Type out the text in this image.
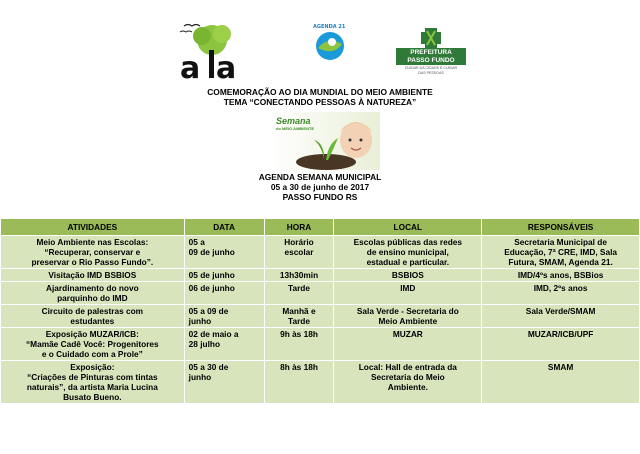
a a
AGENDA 21
PREFEITURA
PASSO FUNDO
CUIDAR DA CIDADE É CUIDAR DAS PESSOAS
COMEMORAÇÃO AO DIA MUNDIAL DO MEIO AMBIENTE
TEMA “CONECTANDO PESSOAS À NATUREZA”
Semana
do MEIO AMBIENTE
AGENDA SEMANA MUNICIPAL
05 a 30 de junho de 2017
PASSO FUNDO RS
ATIVIDADES	DATA	HORA	LOCAL	RESPONSÁVEIS

Meio Ambiente nas Escolas:
“Recuperar, conservar e
preservar o Rio Passo Fundo”.	05 a
09 de junho	Horário
escolar	Escolas públicas das redes
de ensino municipal,
estadual e particular.	Secretaria Municipal de
Educação, 7ª CRE, IMD, Sala
Futura, SMAM, Agenda 21.

Visitação IMD BSBIOS	05 de junho	13h30min	BSBIOS	IMD/4ºs anos, BSBios

Ajardinamento do novo
parquinho do IMD	06 de junho	Tarde	IMD	IMD, 2ºs anos

Circuito de palestras com
estudantes	05 a 09 de
junho	Manhã e
Tarde	Sala Verde - Secretaria do
Meio Ambiente	Sala Verde/SMAM

Exposição MUZAR/ICB:
“Mamãe Cadê Você: Progenitores
e o Cuidado com a Prole”	02 de maio a
28 julho	9h às 18h	MUZAR	MUZAR/ICB/UPF

Exposição:
“Criações de Pinturas com tintas
naturais”, da artista Maria Lucina
Busato Bueno.	05 a 30 de
junho	8h às 18h	Local: Hall de entrada da
Secretaria do Meio
Ambiente.	SMAM
